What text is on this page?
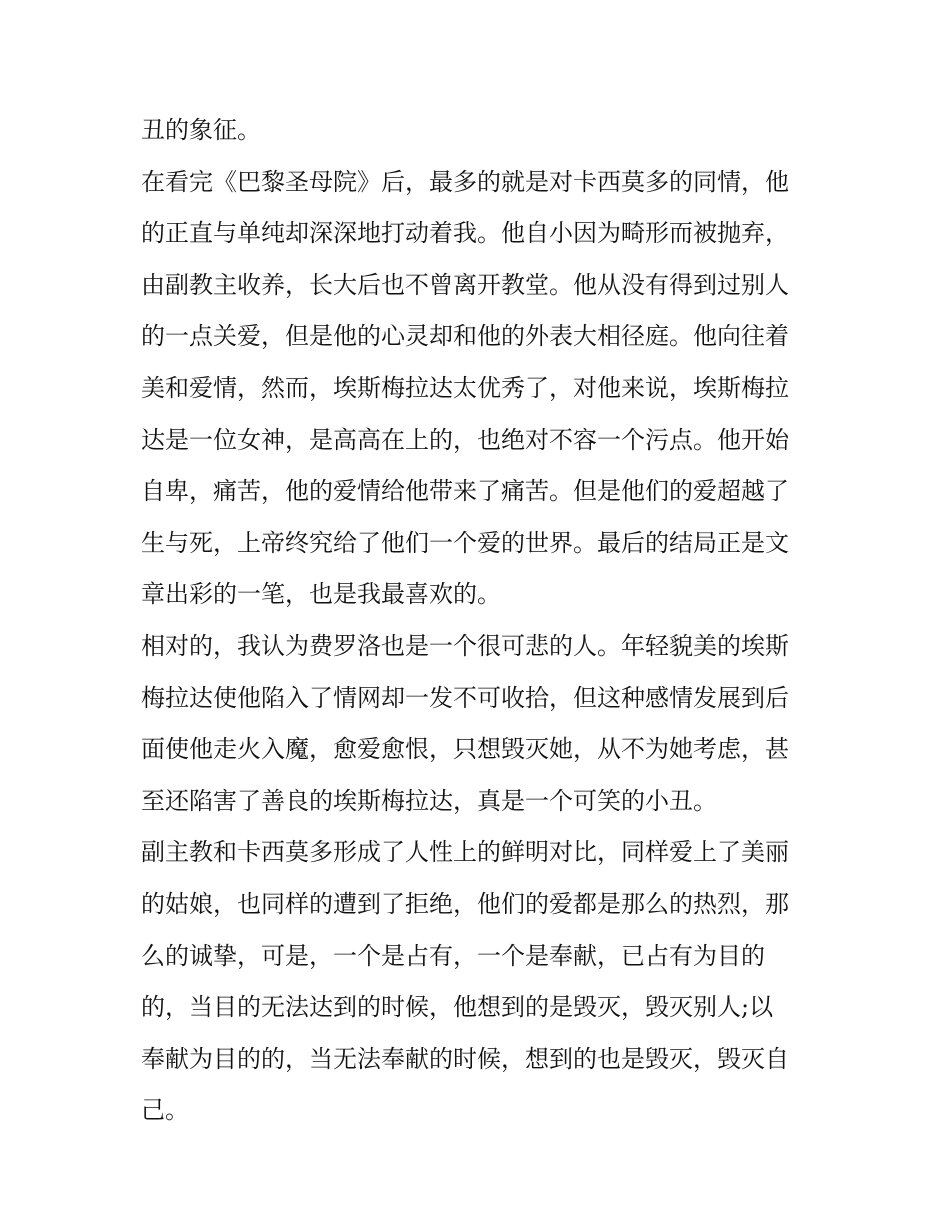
丑的象征。
在看完《巴黎圣母院》后，最多的就是对卡西莫多的同情，他
的正直与单纯却深深地打动着我。他自小因为畸形而被抛弃，
由副教主收养，长大后也不曾离开教堂。他从没有得到过别人
的一点关爱，但是他的心灵却和他的外表大相径庭。他向往着
美和爱情，然而，埃斯梅拉达太优秀了，对他来说，埃斯梅拉
达是一位女神，是高高在上的，也绝对不容一个污点。他开始
自卑，痛苦，他的爱情给他带来了痛苦。但是他们的爱超越了
生与死，上帝终究给了他们一个爱的世界。最后的结局正是文
章出彩的一笔，也是我最喜欢的。
相对的，我认为费罗洛也是一个很可悲的人。年轻貌美的埃斯
梅拉达使他陷入了情网却一发不可收拾，但这种感情发展到后
面使他走火入魔，愈爱愈恨，只想毁灭她，从不为她考虑，甚
至还陷害了善良的埃斯梅拉达，真是一个可笑的小丑。
副主教和卡西莫多形成了人性上的鲜明对比，同样爱上了美丽
的姑娘，也同样的遭到了拒绝，他们的爱都是那么的热烈，那
么的诚挚，可是，一个是占有，一个是奉献，已占有为目的
的，当目的无法达到的时候，他想到的是毁灭，毁灭别人;以
奉献为目的的，当无法奉献的时候，想到的也是毁灭，毁灭自
己。
